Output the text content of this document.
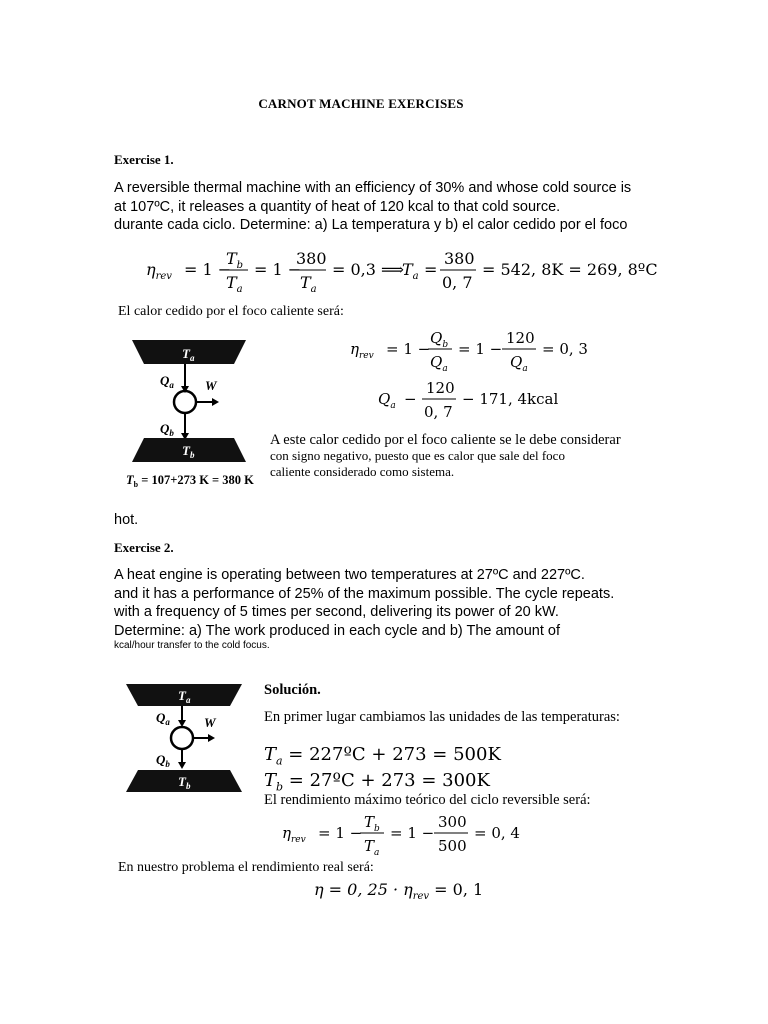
CARNOT MACHINE EXERCISES
Exercise 1.
A reversible thermal machine with an efficiency of 30% and whose cold source is
at 107ºC, it releases a quantity of heat of 120 kcal to that cold source.
durante cada ciclo. Determine: a) La temperatura y b) el calor cedido por el foco
$\eta_{rev} = 1$ −
$T_b$
$T_a$
= 1 −
380
$T_a$
= 0,3 ⟹
$T_a$ =
380
0, 7
= 542, 8K = 269, 8ºC
El calor cedido por el foco caliente será:
$T_a$
$Q_a$ W
$Q_b$
$T_b$
$T_b = 107+273$ K = 380 K
$\eta_{rev} = 1$ −
$Q_b$
$Q_a$
= 1 −
120
$Q_a$
= 0, 3
$Q_a$ −
120
0, 7
− 171, 4kcal
A este calor cedido por el foco caliente se le debe considerar
con signo negativo, puesto que es calor que sale del foco
caliente considerado como sistema.
hot.
Exercise 2.
A heat engine is operating between two temperatures at 27ºC and 227ºC.
and it has a performance of 25% of the maximum possible. The cycle repeats.
with a frequency of 5 times per second, delivering its power of 20 kW.
Determine: a) The work produced in each cycle and b) The amount of
kcal/hour transfer to the cold focus.
$T_a$
$Q_a$	W
$Q_b$
$T_b$
Solución.
En primer lugar cambiamos las unidades de las temperaturas:
$T_a$ = 227ºC + 273 = 500K
$T_b$ = 27ºC + 273 = 300K
El rendimiento máximo teórico del ciclo reversible será:
$\eta_{rev} = 1$ −
$T_b$
$T_a$
= 1 −
300
500
= 0, 4
En nuestro problema el rendimiento real será:
η = 0, $25 \cdot \eta_{rev} = 0$, 1
